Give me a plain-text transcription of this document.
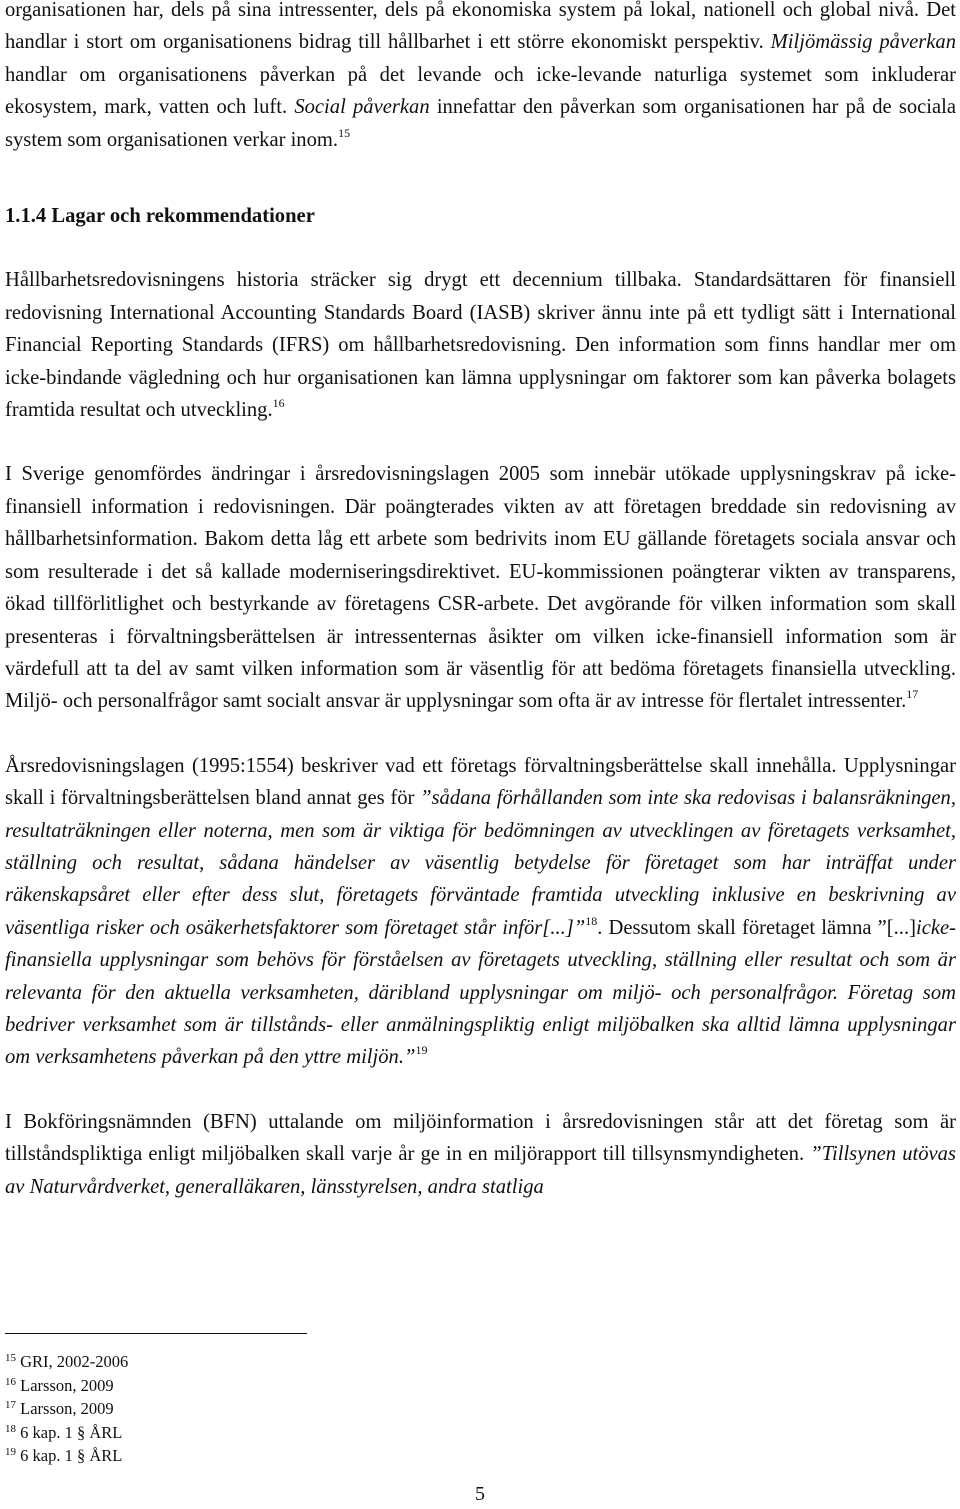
organisationen har, dels på sina intressenter, dels på ekonomiska system på lokal, nationell och global nivå. Det handlar i stort om organisationens bidrag till hållbarhet i ett större ekonomiskt perspektiv. Miljömässig påverkan handlar om organisationens påverkan på det levande och icke-levande naturliga systemet som inkluderar ekosystem, mark, vatten och luft. Social påverkan innefattar den påverkan som organisationen har på de sociala system som organisationen verkar inom.$^{15}$

1.1.4 Lagar och rekommendationer

Hållbarhetsredovisningens historia sträcker sig drygt ett decennium tillbaka. Standardsättaren för finansiell redovisning International Accounting Standards Board (IASB) skriver ännu inte på ett tydligt sätt i International Financial Reporting Standards (IFRS) om hållbarhetsredovisning. Den information som finns handlar mer om icke-bindande vägledning och hur organisationen kan lämna upplysningar om faktorer som kan påverka bolagets framtida resultat och utveckling.$^{16}$

I Sverige genomfördes ändringar i årsredovisningslagen 2005 som innebär utökade upplysningskrav på icke-finansiell information i redovisningen. Där poängterades vikten av att företagen breddade sin redovisning av hållbarhetsinformation. Bakom detta låg ett arbete som bedrivits inom EU gällande företagets sociala ansvar och som resulterade i det så kallade moderniseringsdirektivet. EU-kommissionen poängterar vikten av transparens, ökad tillförlitlighet och bestyrkande av företagens CSR-arbete. Det avgörande för vilken information som skall presenteras i förvaltningsberättelsen är intressenternas åsikter om vilken icke-finansiell information som är värdefull att ta del av samt vilken information som är väsentlig för att bedöma företagets finansiella utveckling. Miljö- och personalfrågor samt socialt ansvar är upplysningar som ofta är av intresse för flertalet intressenter.$^{17}$

Årsredovisningslagen (1995:1554) beskriver vad ett företags förvaltningsberättelse skall innehålla. Upplysningar skall i förvaltningsberättelsen bland annat ges för ”sådana förhållanden som inte ska redovisas i balansräkningen, resultaträkningen eller noterna, men som är viktiga för bedömningen av utvecklingen av företagets verksamhet, ställning och resultat, sådana händelser av väsentlig betydelse för företaget som har inträffat under räkenskapsåret eller efter dess slut, företagets förväntade framtida utveckling inklusive en beskrivning av väsentliga risker och osäkerhetsfaktorer som företaget står inför[...]”$^{18}$. Dessutom skall företaget lämna ”[...]icke- finansiella upplysningar som behövs för förståelsen av företagets utveckling, ställning eller resultat och som är relevanta för den aktuella verksamheten, däribland upplysningar om miljö- och personalfrågor. Företag som bedriver verksamhet som är tillstånds- eller anmälningspliktig enligt miljöbalken ska alltid lämna upplysningar om verksamhetens påverkan på den yttre miljön.”$^{19}$

I Bokföringsnämnden (BFN) uttalande om miljöinformation i årsredovisningen står att det företag som är tillståndspliktiga enligt miljöbalken skall varje år ge in en miljörapport till tillsynsmyndigheten. ”Tillsynen utövas av Naturvårdverket, generalläkaren, länsstyrelsen, andra statliga

$^{15}$ GRI, 2002-2006
$^{16}$ Larsson, 2009
$^{17}$ Larsson, 2009
$^{18}$ 6 kap. 1 § ÅRL
$^{19}$ 6 kap. 1 § ÅRL
5
